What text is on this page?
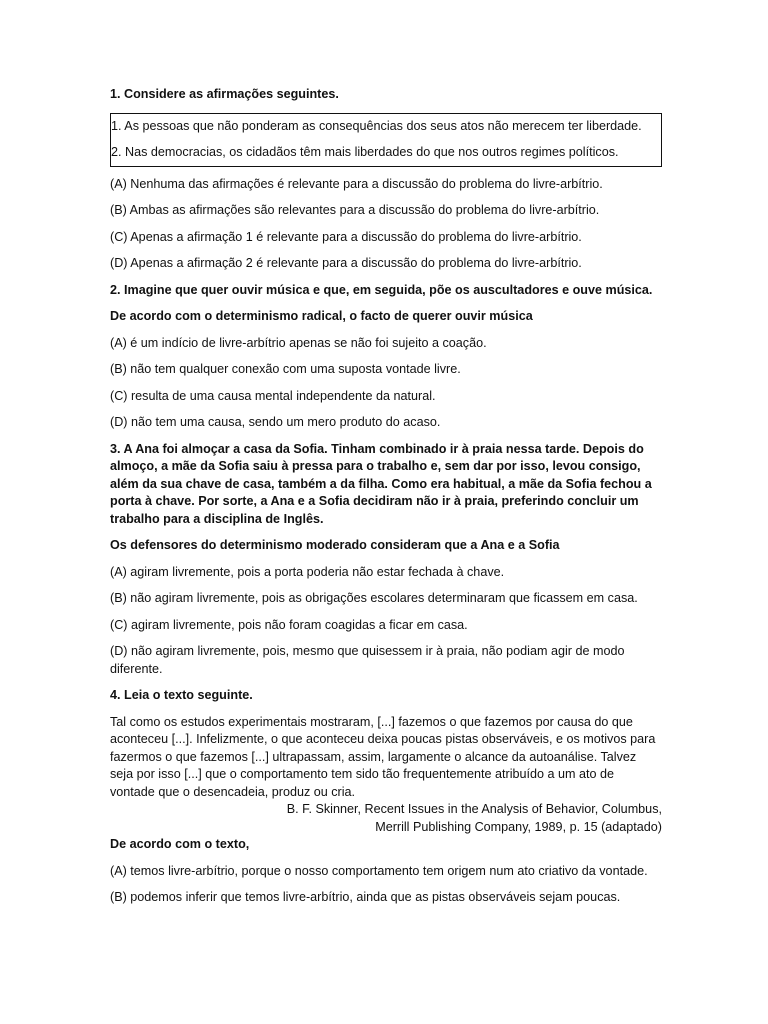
1. Considere as afirmações seguintes.

1. As pessoas que não ponderam as consequências dos seus atos não merecem ter liberdade.

2. Nas democracias, os cidadãos têm mais liberdades do que nos outros regimes políticos.

(A) Nenhuma das afirmações é relevante para a discussão do problema do livre-arbítrio.

(B) Ambas as afirmações são relevantes para a discussão do problema do livre-arbítrio.

(C) Apenas a afirmação 1 é relevante para a discussão do problema do livre-arbítrio.

(D) Apenas a afirmação 2 é relevante para a discussão do problema do livre-arbítrio.

2. Imagine que quer ouvir música e que, em seguida, põe os auscultadores e ouve música.

De acordo com o determinismo radical, o facto de querer ouvir música

(A) é um indício de livre-arbítrio apenas se não foi sujeito a coação.

(B) não tem qualquer conexão com uma suposta vontade livre.

(C) resulta de uma causa mental independente da natural.

(D) não tem uma causa, sendo um mero produto do acaso.

3. A Ana foi almoçar a casa da Sofia. Tinham combinado ir à praia nessa tarde. Depois do almoço, a mãe da Sofia saiu à pressa para o trabalho e, sem dar por isso, levou consigo, além da sua chave de casa, também a da filha. Como era habitual, a mãe da Sofia fechou a porta à chave. Por sorte, a Ana e a Sofia decidiram não ir à praia, preferindo concluir um trabalho para a disciplina de Inglês.

Os defensores do determinismo moderado consideram que a Ana e a Sofia

(A) agiram livremente, pois a porta poderia não estar fechada à chave.

(B) não agiram livremente, pois as obrigações escolares determinaram que ficassem em casa.

(C) agiram livremente, pois não foram coagidas a ficar em casa.

(D) não agiram livremente, pois, mesmo que quisessem ir à praia, não podiam agir de modo diferente.

4. Leia o texto seguinte.

Tal como os estudos experimentais mostraram, [...] fazemos o que fazemos por causa do que aconteceu [...]. Infelizmente, o que aconteceu deixa poucas pistas observáveis, e os motivos para fazermos o que fazemos [...] ultrapassam, assim, largamente o alcance da autoanálise. Talvez seja por isso [...] que o comportamento tem sido tão frequentemente atribuído a um ato de vontade que o desencadeia, produz ou cria.

B. F. Skinner, Recent Issues in the Analysis of Behavior, Columbus,
Merrill Publishing Company, 1989, p. 15 (adaptado)

De acordo com o texto,

(A) temos livre-arbítrio, porque o nosso comportamento tem origem num ato criativo da vontade.

(B) podemos inferir que temos livre-arbítrio, ainda que as pistas observáveis sejam poucas.
